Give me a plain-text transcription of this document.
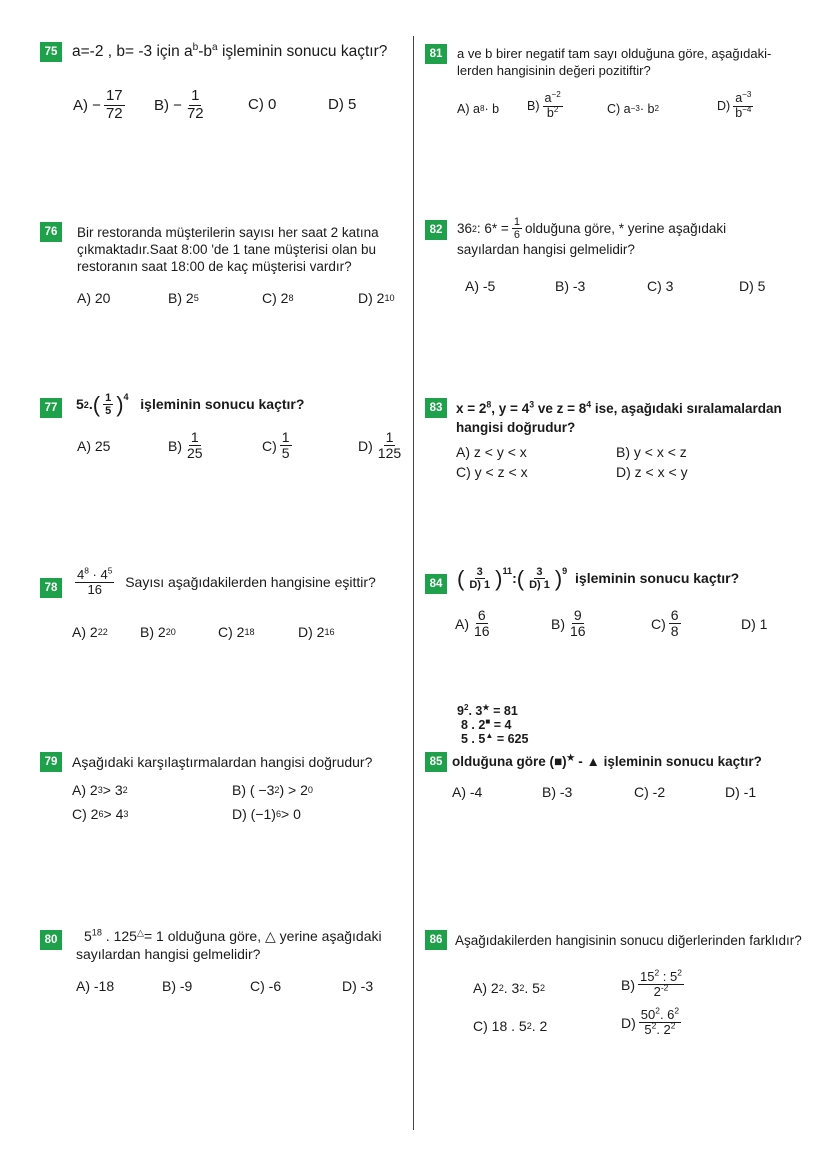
75 a=-2 , b= -3 için $a^b-b^a$ işleminin sonucu kaçtır?
A)
− $\frac{17}{72} B$)
− $\frac{1}{72}$	C) 0	D) 5
76	Bir restoranda müşterilerin sayısı her saat 2 katına
çıkmaktadır.Saat 8:00 'de 1 tane müşterisi olan bu
restoranın saat 18:00 de kaç müşterisi vardır?
A) 20	B) 2 5	C) 2 8	D) 2 10
77	5 2 . ( $\frac{1}{5} )^4$
işleminin sonucu kaçtır?
A) 25	$B) \frac{1}{25}$	$C) \frac{1}{5}$	$D) \frac{1}{125}$
78	$\frac{4^8 \cdot 4^5}{16}$
Sayısı aşağıdakilerden hangisine eşittir?
A) 2 22 B) 2 20	C) 2 18	D) 2 16
79	Aşağıdaki karşılaştırmalardan hangisi doğrudur?
A) 2 3 > 3 2	B) ( −3 2 ) > 2 0
C) 2 6 > 4 3	D) (−1) 6 > 0
80	$5^{18}$ . 125△= 1 olduğuna göre, △ yerine aşağıdaki
sayılardan hangisi gelmelidir?
A) -18	B) -9	C) -6	D) -3
81	a ve b birer negatif tam sayı olduğuna göre, aşağıdaki-
lerden hangisinin değeri pozitiftir?
A) a 8 · b $B) \frac{a^{-2}}{b^2}$	C) a −3 · b 2	$D) \frac{a^{-3}}{b^{-4}}$
82	36 2 : $6* = \frac{1}{6}$ olduğuna göre, * yerine aşağıdaki
sayılardan hangisi gelmelidir?
A) -5	B) -3	C) 3	D) 5
83	$x = 2^8$, $y = 4^3$ ve $z = 8^4$ ise, aşağıdaki sıralamalardan
hangisi doğrudur?
A) z < y < x	B) y < x < z
C) y < z < x	D) z < x < y
84 ( $\frac{3}{D) 1} )^{11}$ : ( $\frac{3}{D) 1} )^9$
işleminin sonucu kaçtır?
$A) \frac{6}{16}$	$B) \frac{9}{16}$	$C) \frac{6}{8}$	D) 1
$9^2$. 3★ = 81
8 . 2■ = 4
5 . 5▲ = 625
85 olduğuna göre (■)★ - ▲ işleminin sonucu kaçtır?
A) -4	B) -3	C) -2	D) -1
86 Aşağıdakilerden hangisinin sonucu diğerlerinden farklıdır?
A) 2 2 . 3 2 . 5 2	$B) \frac{15^2 : 5^2}{2^{-2}}$
C) 18 . 5 2 . 2	$D) \frac{50^2. 6^2}{5^2. 2^2}$
